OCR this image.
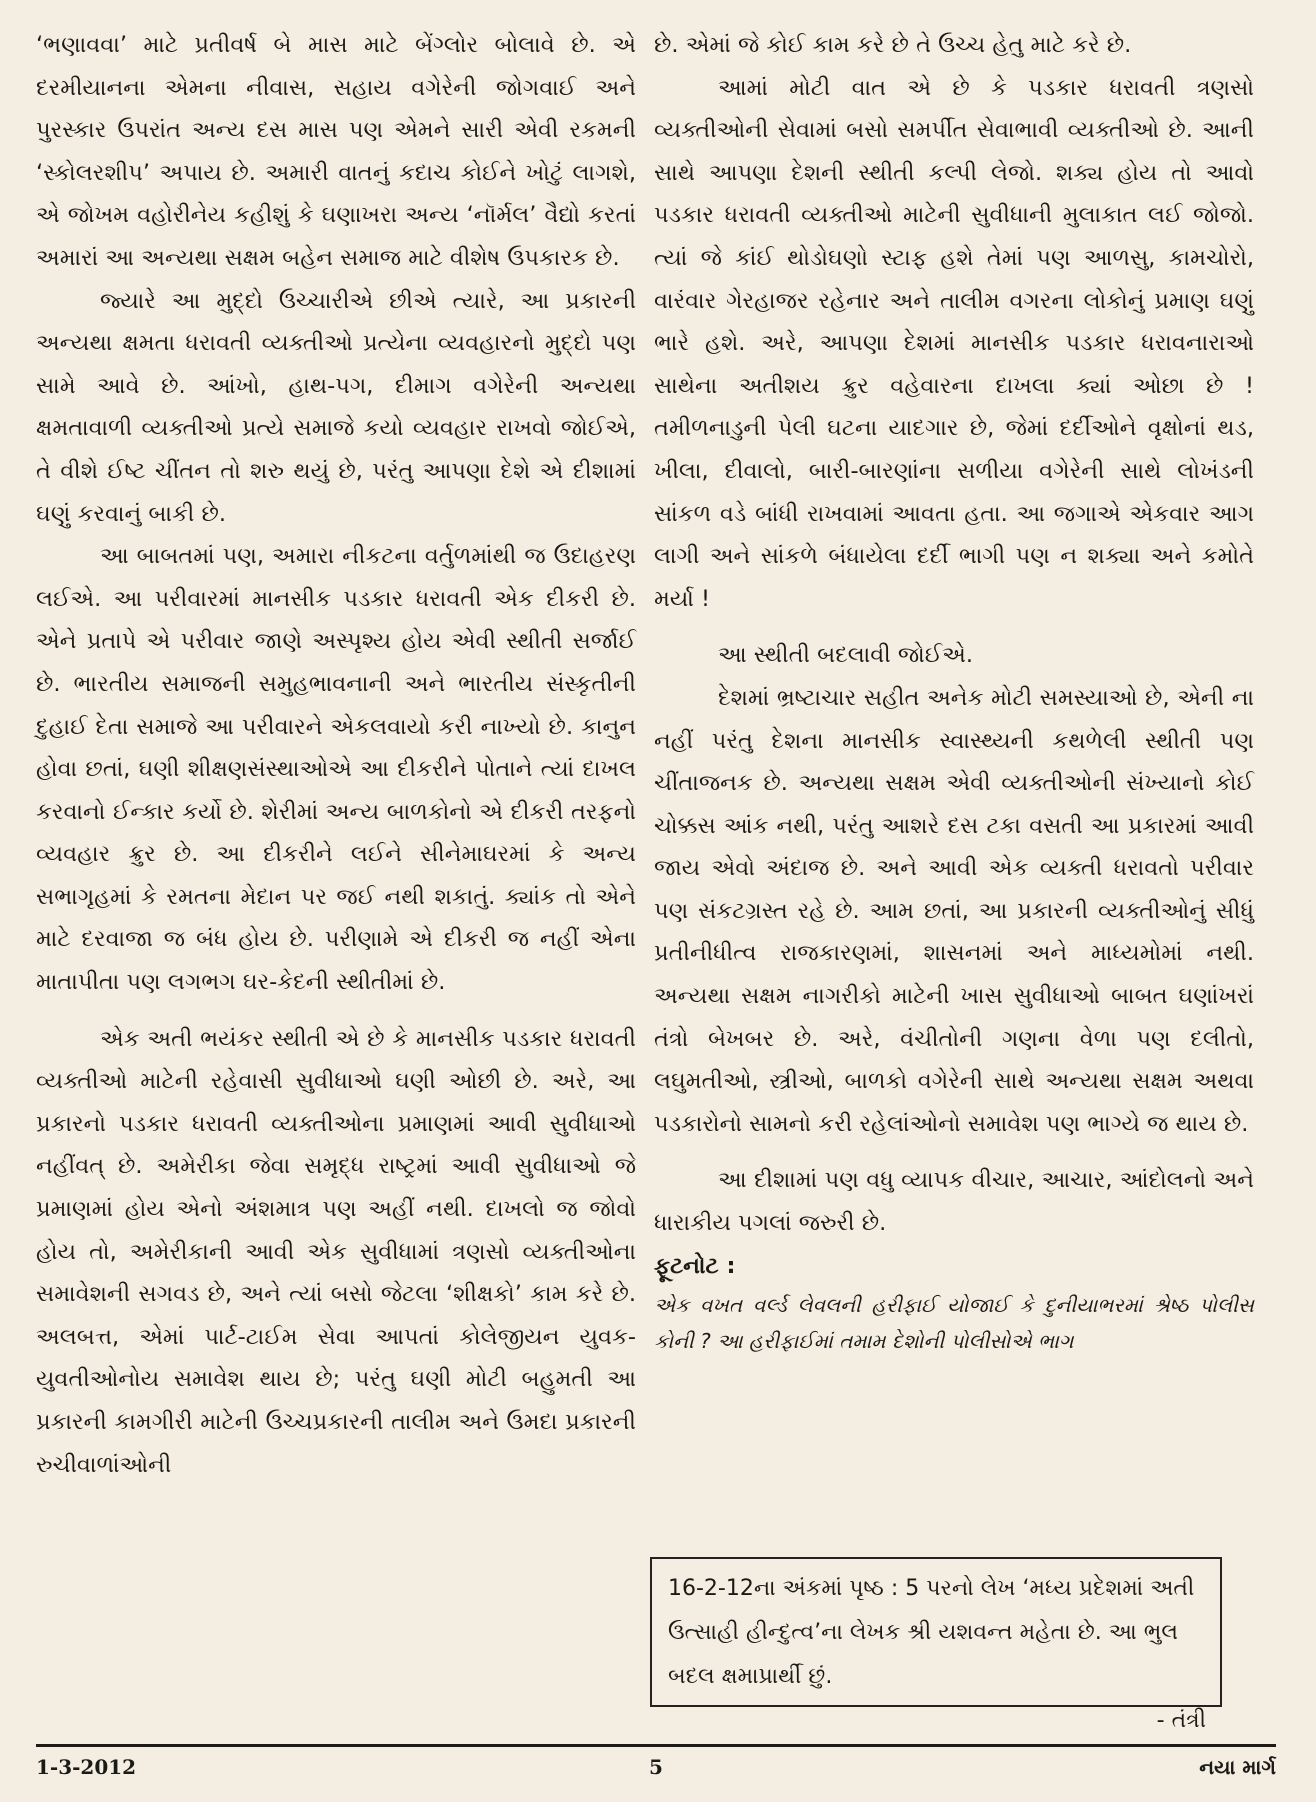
‘ભણાવવા’ માટે પ્રતીવર્ષ બે માસ માટે બેંગ્લોર બોલાવે છે. એ દરમીયાનના એમના નીવાસ, સહાય વગેરેની જોગવાઈ અને પુરસ્કાર ઉપરાંત અન્ય દસ માસ પણ એમને સારી એવી રકમની ‘સ્કોલરશીપ’ અપાય છે. અમારી વાતનું કદાચ કોઈને ખોટું લાગશે, એ જોખમ વહોરીનેય કહીશું કે ઘણાખરા અન્ય ‘નૉર્મલ’ વૈદ્યો કરતાં અમારાં આ અન્યથા સક્ષમ બહેન સમાજ માટે વીશેષ ઉપકારક છે.

જ્યારે આ મુદ્દો ઉચ્ચારીએ છીએ ત્યારે, આ પ્રકારની અન્યથા ક્ષમતા ધરાવતી વ્યક્તીઓ પ્રત્યેના વ્યવહારનો મુદ્દો પણ સામે આવે છે. આંખો, હાથ-પગ, દીમાગ વગેરેની અન્યથા ક્ષમતાવાળી વ્યક્તીઓ પ્રત્યે સમાજે કયો વ્યવહાર રાખવો જોઈએ, તે વીશે ઈષ્ટ ચીંતન તો શરુ થયું છે, પરંતુ આપણા દેશે એ દીશામાં ઘણું કરવાનું બાકી છે.

આ બાબતમાં પણ, અમારા નીકટના વર્તુળમાંથી જ ઉદાહરણ લઈએ. આ પરીવારમાં માનસીક પડકાર ધરાવતી એક દીકરી છે. એને પ્રતાપે એ પરીવાર જાણે અસ્પૃશ્ય હોય એવી સ્થીતી સર્જાઈ છે. ભારતીય સમાજની સમુહભાવનાની અને ભારતીય સંસ્કૃતીની દુહાઈ દેતા સમાજે આ પરીવારને એકલવાયો કરી નાખ્યો છે. કાનુન હોવા છતાં, ઘણી શીક્ષણસંસ્થાઓએ આ દીકરીને પોતાને ત્યાં દાખલ કરવાનો ઈન્કાર કર્યો છે. શેરીમાં અન્ય બાળકોનો એ દીકરી તરફનો વ્યવહાર ક્રુર છે. આ દીકરીને લઈને સીનેમાઘરમાં કે અન્ય સભાગૃહમાં કે રમતના મેદાન પર જઈ નથી શકાતું. ક્યાંક તો એને માટે દરવાજા જ બંધ હોય છે. પરીણામે એ દીકરી જ નહીં એના માતાપીતા પણ લગભગ ઘર-કેદની સ્થીતીમાં છે.

એક અતી ભયંકર સ્થીતી એ છે કે માનસીક પડકાર ધરાવતી વ્યક્તીઓ માટેની રહેવાસી સુવીધાઓ ઘણી ઓછી છે. અરે, આ પ્રકારનો પડકાર ધરાવતી વ્યક્તીઓના પ્રમાણમાં આવી સુવીધાઓ નહીંવત્ છે. અમેરીકા જેવા સમૃદ્ધ રાષ્ટ્રમાં આવી સુવીધાઓ જે પ્રમાણમાં હોય એનો અંશમાત્ર પણ અહીં નથી. દાખલો જ જોવો હોય તો, અમેરીકાની આવી એક સુવીધામાં ત્રણસો વ્યક્તીઓના સમાવેશની સગવડ છે, અને ત્યાં બસો જેટલા ‘શીક્ષકો’ કામ કરે છે. અલબત્ત, એમાં પાર્ટ-ટાઈમ સેવા આપતાં કોલેજીયન યુવક-યુવતીઓનોય સમાવેશ થાય છે; પરંતુ ઘણી મોટી બહુમતી આ પ્રકારની કામગીરી માટેની ઉચ્ચપ્રકારની તાલીમ અને ઉમદા પ્રકારની રુચીવાળાંઓની

છે. એમાં જે કોઈ કામ કરે છે તે ઉચ્ચ હેતુ માટે કરે છે.

આમાં મોટી વાત એ છે કે પડકાર ધરાવતી ત્રણસો વ્યક્તીઓની સેવામાં બસો સમર્પીત સેવાભાવી વ્યક્તીઓ છે. આની સાથે આપણા દેશની સ્થીતી કલ્પી લેજો. શક્ય હોય તો આવો પડકાર ધરાવતી વ્યક્તીઓ માટેની સુવીધાની મુલાકાત લઈ જોજો. ત્યાં જે કાંઈ થોડોઘણો સ્ટાફ હશે તેમાં પણ આળસુ, કામચોરો, વારંવાર ગેરહાજર રહેનાર અને તાલીમ વગરના લોકોનું પ્રમાણ ઘણું ભારે હશે. અરે, આપણા દેશમાં માનસીક પડકાર ધરાવનારાઓ સાથેના અતીશય ક્રુર વહેવારના દાખલા ક્યાં ઓછા છે ! તમીળનાડુની પેલી ઘટના યાદગાર છે, જેમાં દર્દીઓને વૃક્ષોનાં થડ, ખીલા, દીવાલો, બારી-બારણાંના સળીયા વગેરેની સાથે લોખંડની સાંકળ વડે બાંધી રાખવામાં આવતા હતા. આ જગાએ એકવાર આગ લાગી અને સાંકળે બંધાયેલા દર્દી ભાગી પણ ન શક્યા અને કમોતે મર્યા !

આ સ્થીતી બદલાવી જોઈએ.

દેશમાં ભ્રષ્ટાચાર સહીત અનેક મોટી સમસ્યાઓ છે, એની ના નહીં પરંતુ દેશના માનસીક સ્વાસ્થ્યની કથળેલી સ્થીતી પણ ચીંતાજનક છે. અન્યથા સક્ષમ એવી વ્યક્તીઓની સંખ્યાનો કોઈ ચોક્કસ આંક નથી, પરંતુ આશરે દસ ટકા વસતી આ પ્રકારમાં આવી જાય એવો અંદાજ છે. અને આવી એક વ્યક્તી ધરાવતો પરીવાર પણ સંકટગ્રસ્ત રહે છે. આમ છતાં, આ પ્રકારની વ્યક્તીઓનું સીધું પ્રતીનીધીત્વ રાજકારણમાં, શાસનમાં અને માધ્યમોમાં નથી. અન્યથા સક્ષમ નાગરીકો માટેની ખાસ સુવીધાઓ બાબત ઘણાંખરાં તંત્રો બેખબર છે. અરે, વંચીતોની ગણના વેળા પણ દલીતો, લઘુમતીઓ, સ્ત્રીઓ, બાળકો વગેરેની સાથે અન્યથા સક્ષમ અથવા પડકારોનો સામનો કરી રહેલાંઓનો સમાવેશ પણ ભાગ્યે જ થાય છે.

આ દીશામાં પણ વધુ વ્યાપક વીચાર, આચાર, આંદોલનો અને ધારાકીય પગલાં જરુરી છે.

ફૂટનોટ :

એક વખત વર્લ્ડ લેવલની હરીફાઈ યોજાઈ કે દુનીયાભરમાં શ્રેષ્ઠ પોલીસ કોની ? આ હરીફાઈમાં તમામ દેશોની પોલીસોએ ભાગ

16-2-12ના અંકમાં પૃષ્ઠ : 5 પરનો લેખ ‘મધ્ય પ્રદેશમાં અતી ઉત્સાહી હીન્દુત્વ’ના લેખક શ્રી યશવન્ત મહેતા છે. આ ભુલ બદલ ક્ષમાપ્રાર્થી છું.

- તંત્રી
1-3-2012	5	નયા માર્ગ
